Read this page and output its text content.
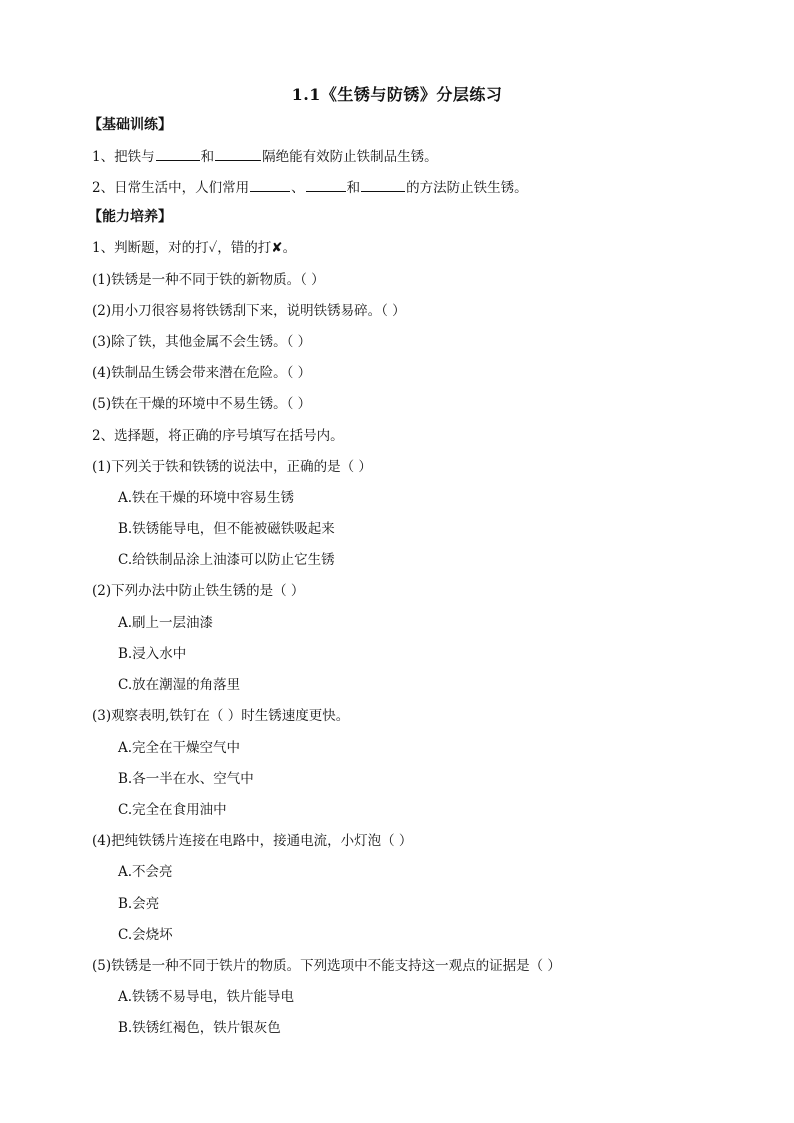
1.1《生锈与防锈》分层练习
【基础训练】
1、把铁与	和	隔绝能有效防止铁制品生锈。
2、日常生活中，人们常用	、	和	的方法防止铁生锈。
【能力培养】
1、判断题，对的打✓，错的打✘。
(1)铁锈是一种不同于铁的新物质。（ ）
(2)用小刀很容易将铁锈刮下来，说明铁锈易碎。（ ）
(3)除了铁，其他金属不会生锈。（ ）
(4)铁制品生锈会带来潜在危险。（ ）
(5)铁在干燥的环境中不易生锈。（ ）
2、选择题，将正确的序号填写在括号内。
(1)下列关于铁和铁锈的说法中，正确的是（ ）
A.铁在干燥的环境中容易生锈
B.铁锈能导电，但不能被磁铁吸起来
C.给铁制品涂上油漆可以防止它生锈
(2)下列办法中防止铁生锈的是（ ）
A.刷上一层油漆
B.浸入水中
C.放在潮湿的角落里
(3)观察表明,铁钉在（ ）时生锈速度更快。
A.完全在干燥空气中
B.各一半在水、空气中
C.完全在食用油中
(4)把纯铁锈片连接在电路中，接通电流，小灯泡（ ）
A.不会亮
B.会亮
C.会烧坏
(5)铁锈是一种不同于铁片的物质。下列选项中不能支持这一观点的证据是（ ）
A.铁锈不易导电，铁片能导电
B.铁锈红褐色，铁片银灰色
